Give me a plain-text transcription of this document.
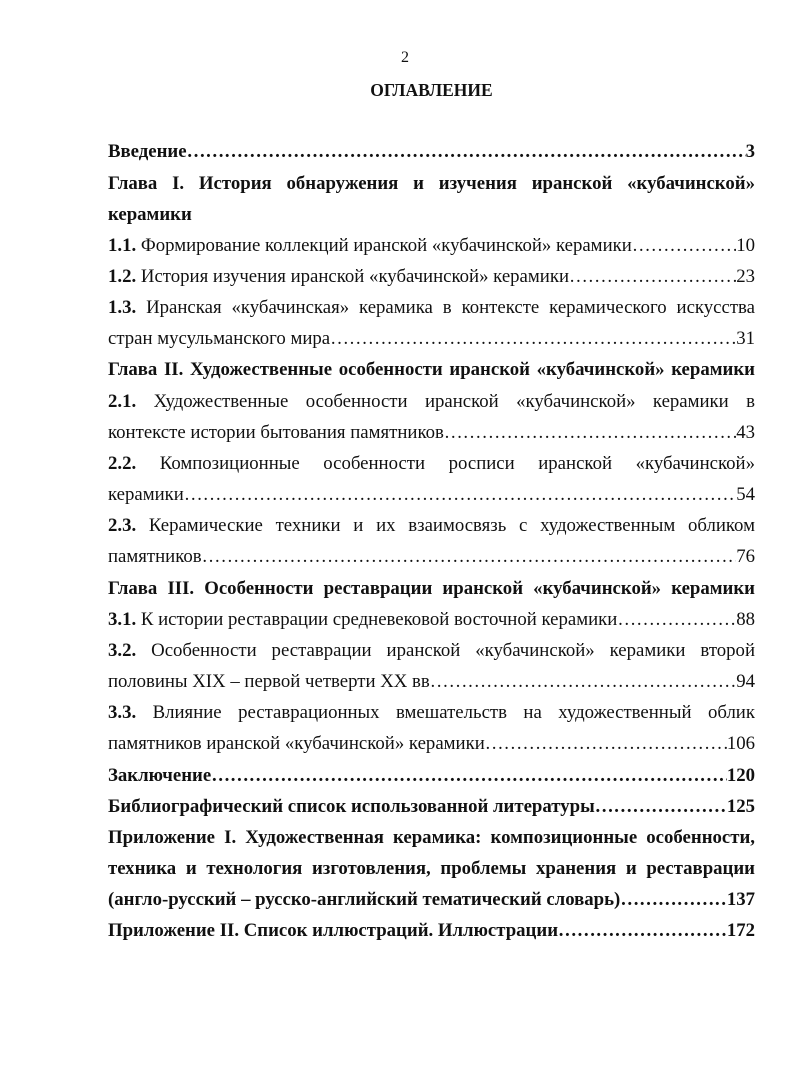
2
ОГЛАВЛЕНИЕ
Введение ……………………………………………………………………………………………………………………………………………………	3
Глава I. История обнаружения и изучения иранской «кубачинской»
керамики
1.1. Формирование коллекций иранской «кубачинской» керамики ……………………………………………………………………………………………………………………………………………………	10
1.2. История изучения иранской «кубачинской» керамики ……………………………………………………………………………………………………………………………………………………	23
1.3. Иранская «кубачинская» керамика в контексте керамического искусства
стран мусульманского мира ……………………………………………………………………………………………………………………………………………………	31
Глава II. Художественные особенности иранской «кубачинской» керамики
2.1. Художественные особенности иранской «кубачинской» керамики в
контексте истории бытования памятников ……………………………………………………………………………………………………………………………………………………	43
2.2. Композиционные особенности росписи иранской «кубачинской»
керамики ……………………………………………………………………………………………………………………………………………………	54
2.3. Керамические техники и их взаимосвязь с художественным обликом
памятников ……………………………………………………………………………………………………………………………………………………	76
Глава III. Особенности реставрации иранской «кубачинской» керамики
3.1. К истории реставрации средневековой восточной керамики ……………………………………………………………………………………………………………………………………………………	88
3.2. Особенности реставрации иранской «кубачинской» керамики второй
половины XIX – первой четверти XX вв ……………………………………………………………………………………………………………………………………………………	94
3.3. Влияние реставрационных вмешательств на художественный облик
памятников иранской «кубачинской» керамики ……………………………………………………………………………………………………………………………………………………	106
Заключение ……………………………………………………………………………………………………………………………………………………	120
Библиографический список использованной литературы ……………………………………………………………………………………………………………………………………………………	125
Приложение I. Художественная керамика: композиционные особенности,
техника и технология изготовления, проблемы хранения и реставрации
(англо-русский – русско-английский тематический словарь) ……………………………………………………………………………………………………………………………………………………	137
Приложение II. Список иллюстраций. Иллюстрации ……………………………………………………………………………………………………………………………………………………	172
